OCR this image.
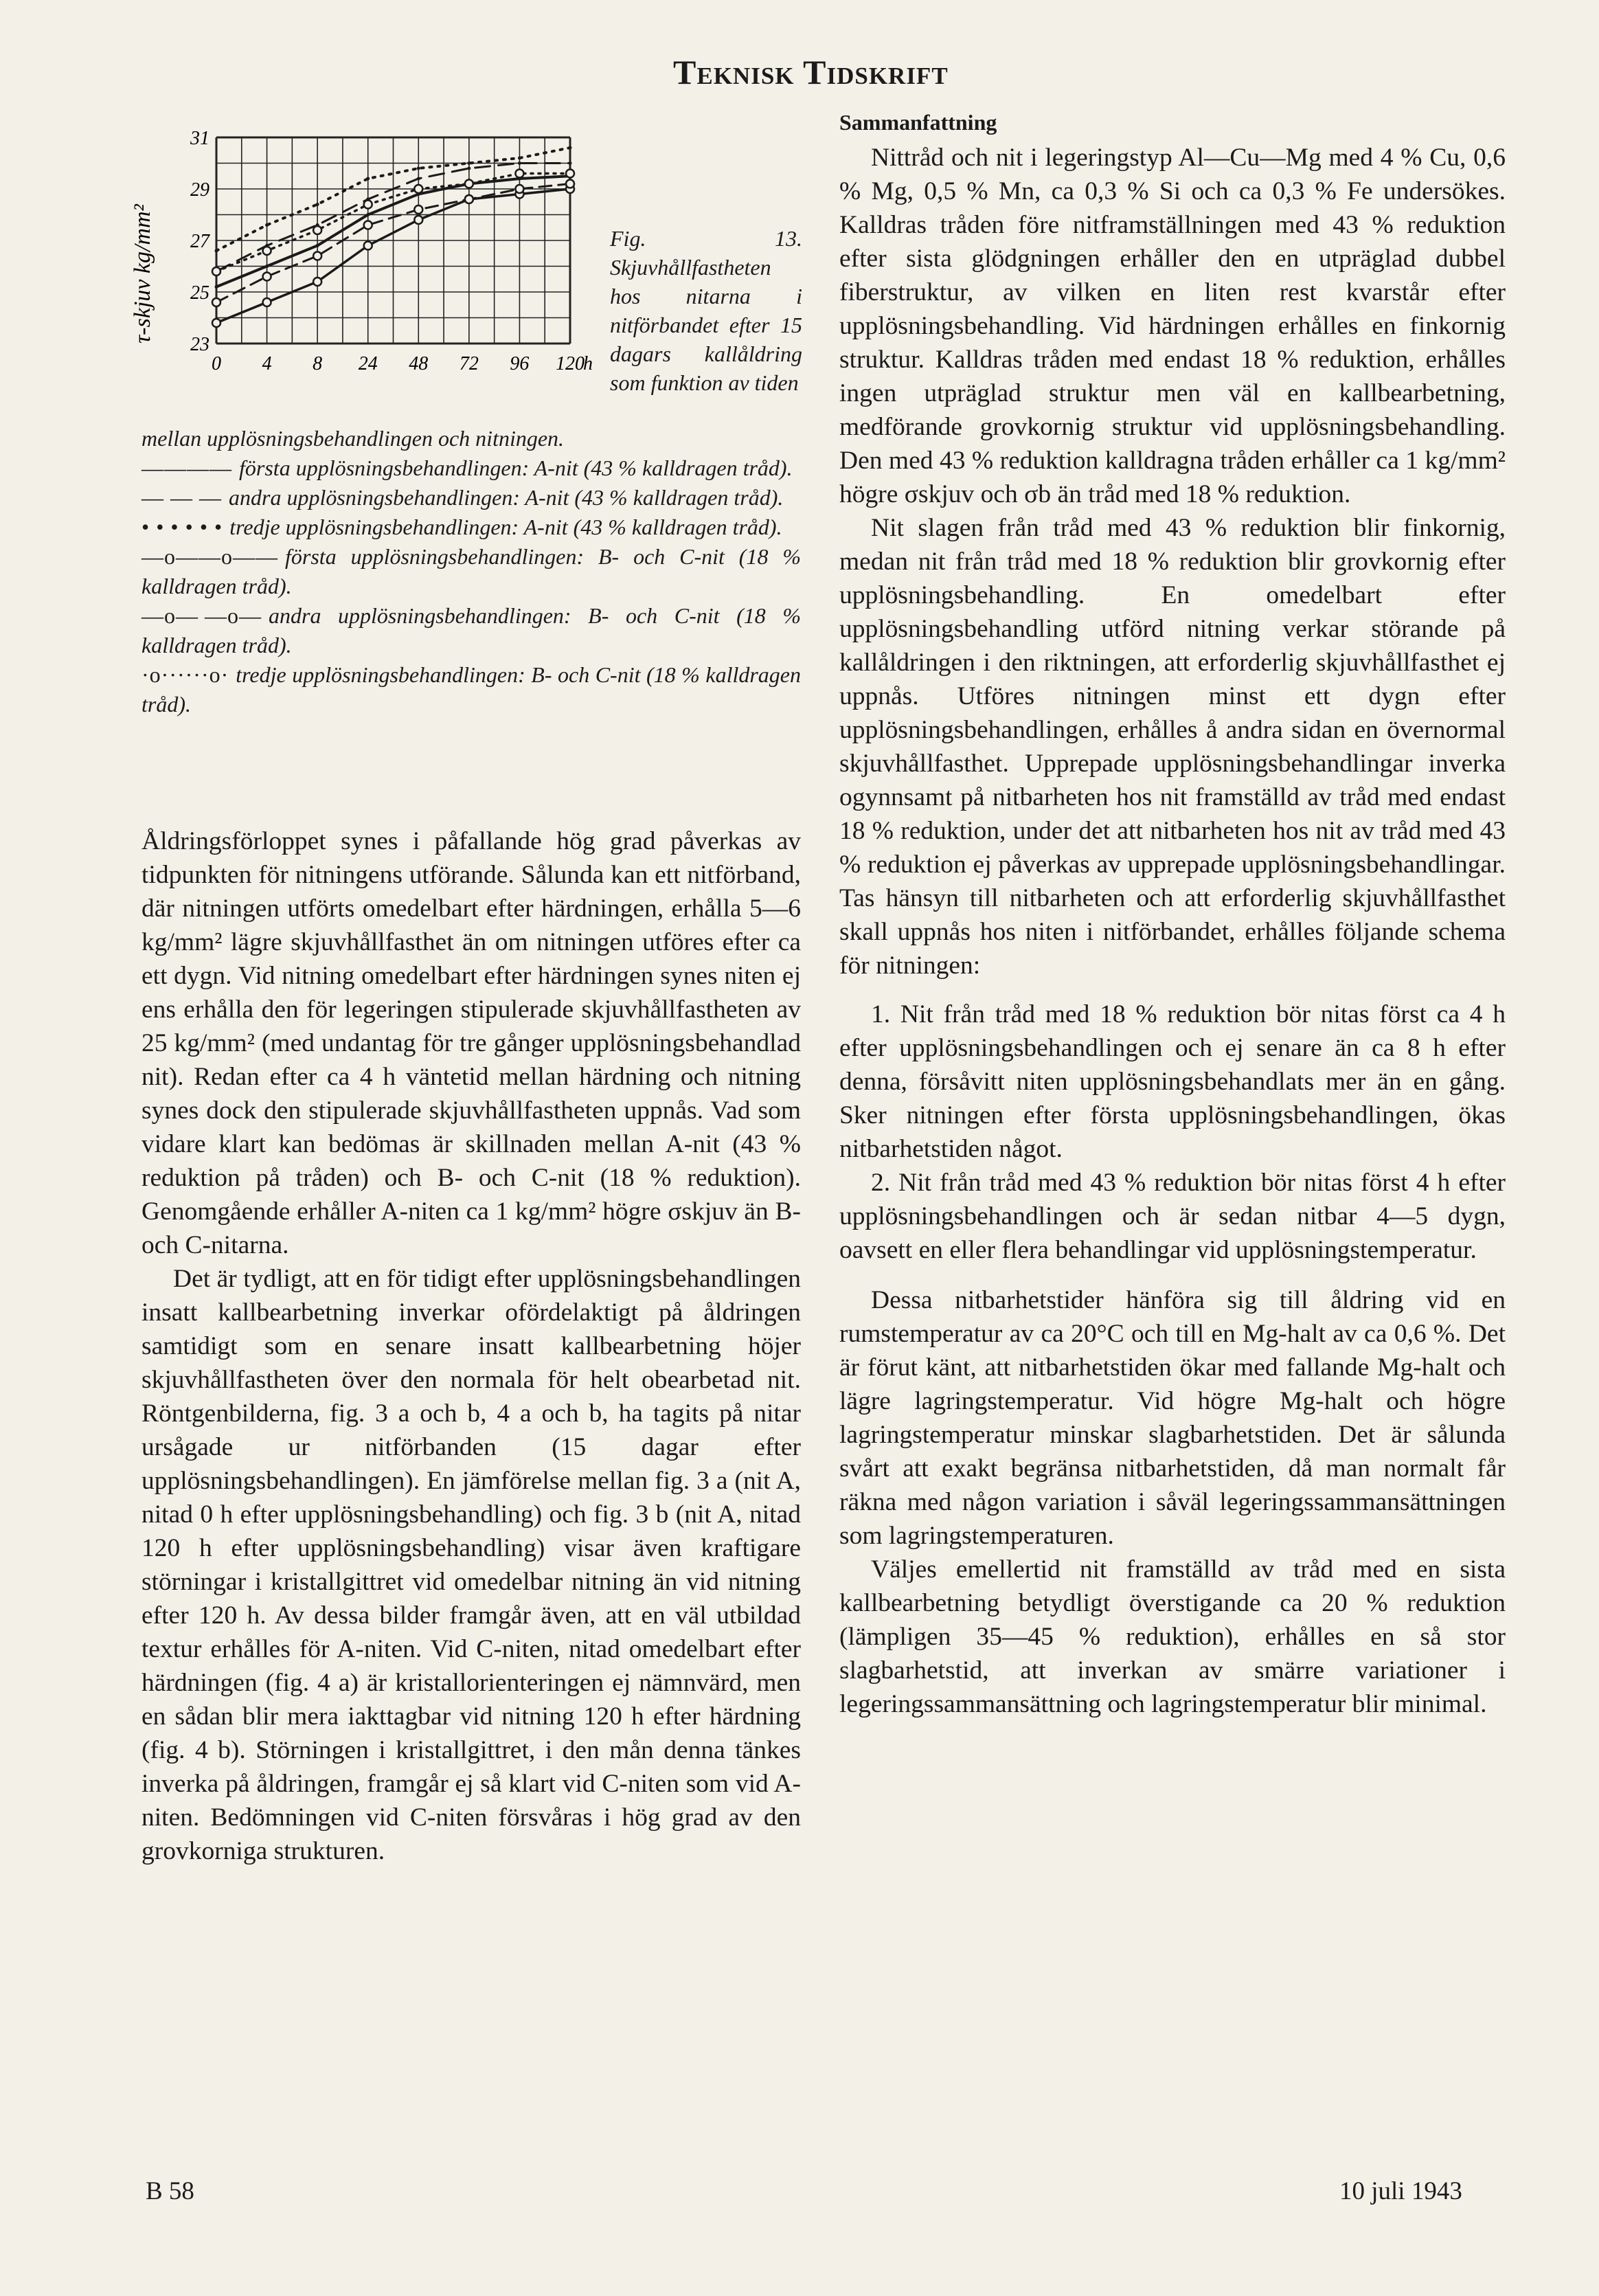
Teknisk Tidskrift
23
25
27
29
31
0 4 8 24 48 72 96 120
h
τ-skjuv kg/mm²	Fig. 13. Skjuvhållfastheten hos nitarna i nitförbandet efter 15 dagars kallåldring som funktion av tiden

mellan upplösningsbehandlingen och nitningen.

———— första upplösningsbehandlingen: A-nit (43 % kalldragen tråd).

— — — andra upplösningsbehandlingen: A-nit (43 % kalldragen tråd).

• • • • • • tredje upplösningsbehandlingen: A-nit (43 % kalldragen tråd).

—o——o—— första upplösningsbehandlingen: B- och C-nit (18 % kalldragen tråd).

—o— —o— andra upplösningsbehandlingen: B- och C-nit (18 % kalldragen tråd).

·o······o· tredje upplösningsbehandlingen: B- och C-nit (18 % kalldragen tråd).

Åldringsförloppet synes i påfallande hög grad påverkas av tidpunkten för nitningens utförande. Sålunda kan ett nitförband, där nitningen utförts omedelbart efter härdningen, erhålla 5—6 kg/mm² lägre skjuvhållfasthet än om nitningen utföres efter ca ett dygn. Vid nitning omedelbart efter härdningen synes niten ej ens erhålla den för legeringen stipulerade skjuvhållfastheten av 25 kg/mm² (med undantag för tre gånger upplösningsbehandlad nit). Redan efter ca 4 h väntetid mellan härdning och nitning synes dock den stipulerade skjuvhållfastheten uppnås. Vad som vidare klart kan bedömas är skillnaden mellan A-nit (43 % reduktion på tråden) och B- och C-nit (18 % reduktion). Genomgående erhåller A-niten ca 1 kg/mm² högre σskjuv än B- och C-nitarna.

Det är tydligt, att en för tidigt efter upplösningsbehandlingen insatt kallbearbetning inverkar ofördelaktigt på åldringen samtidigt som en senare insatt kallbearbetning höjer skjuvhållfastheten över den normala för helt obearbetad nit. Röntgenbilderna, fig. 3 a och b, 4 a och b, ha tagits på nitar ursågade ur nitförbanden (15 dagar efter upplösningsbehandlingen). En jämförelse mellan fig. 3 a (nit A, nitad 0 h efter upplösningsbehandling) och fig. 3 b (nit A, nitad 120 h efter upplösningsbehandling) visar även kraftigare störningar i kristallgittret vid omedelbar nitning än vid nitning efter 120 h. Av dessa bilder framgår även, att en väl utbildad textur erhålles för A-niten. Vid C-niten, nitad omedelbart efter härdningen (fig. 4 a) är kristallorienteringen ej nämnvärd, men en sådan blir mera iakttagbar vid nitning 120 h efter härdning (fig. 4 b). Störningen i kristallgittret, i den mån denna tänkes inverka på åldringen, framgår ej så klart vid C-niten som vid A-niten. Bedömningen vid C-niten försvåras i hög grad av den grovkorniga strukturen.

Sammanfattning

Nittråd och nit i legeringstyp Al—Cu—Mg med 4 % Cu, 0,6 % Mg, 0,5 % Mn, ca 0,3 % Si och ca 0,3 % Fe undersökes. Kalldras tråden före nitframställningen med 43 % reduktion efter sista glödgningen erhåller den en utpräglad dubbel fiberstruktur, av vilken en liten rest kvarstår efter upplösningsbehandling. Vid härdningen erhålles en finkornig struktur. Kalldras tråden med endast 18 % reduktion, erhålles ingen utpräglad struktur men väl en kallbearbetning, medförande grovkornig struktur vid upplösningsbehandling. Den med 43 % reduktion kalldragna tråden erhåller ca 1 kg/mm² högre σskjuv och σb än tråd med 18 % reduktion.

Nit slagen från tråd med 43 % reduktion blir finkornig, medan nit från tråd med 18 % reduktion blir grovkornig efter upplösningsbehandling. En omedelbart efter upplösningsbehandling utförd nitning verkar störande på kallåldringen i den riktningen, att erforderlig skjuvhållfasthet ej uppnås. Utföres nitningen minst ett dygn efter upplösningsbehandlingen, erhålles å andra sidan en övernormal skjuvhållfasthet. Upprepade upplösningsbehandlingar inverka ogynnsamt på nitbarheten hos nit framställd av tråd med endast 18 % reduktion, under det att nitbarheten hos nit av tråd med 43 % reduktion ej påverkas av upprepade upplösningsbehandlingar. Tas hänsyn till nitbarheten och att erforderlig skjuvhållfasthet skall uppnås hos niten i nitförbandet, erhålles följande schema för nitningen:

1. Nit från tråd med 18 % reduktion bör nitas först ca 4 h efter upplösningsbehandlingen och ej senare än ca 8 h efter denna, försåvitt niten upplösningsbehandlats mer än en gång. Sker nitningen efter första upplösningsbehandlingen, ökas nitbarhetstiden något.

2. Nit från tråd med 43 % reduktion bör nitas först 4 h efter upplösningsbehandlingen och är sedan nitbar 4—5 dygn, oavsett en eller flera behandlingar vid upplösningstemperatur.

Dessa nitbarhetstider hänföra sig till åldring vid en rumstemperatur av ca 20°C och till en Mg-halt av ca 0,6 %. Det är förut känt, att nitbarhetstiden ökar med fallande Mg-halt och lägre lagringstemperatur. Vid högre Mg-halt och högre lagringstemperatur minskar slagbarhetstiden. Det är sålunda svårt att exakt begränsa nitbarhetstiden, då man normalt får räkna med någon variation i såväl legeringssammansättningen som lagringstemperaturen.

Väljes emellertid nit framställd av tråd med en sista kallbearbetning betydligt överstigande ca 20 % reduktion (lämpligen 35—45 % reduktion), erhålles en så stor slagbarhetstid, att inverkan av smärre variationer i legeringssammansättning och lagringstemperatur blir minimal.

B 58	10 juli 1943
